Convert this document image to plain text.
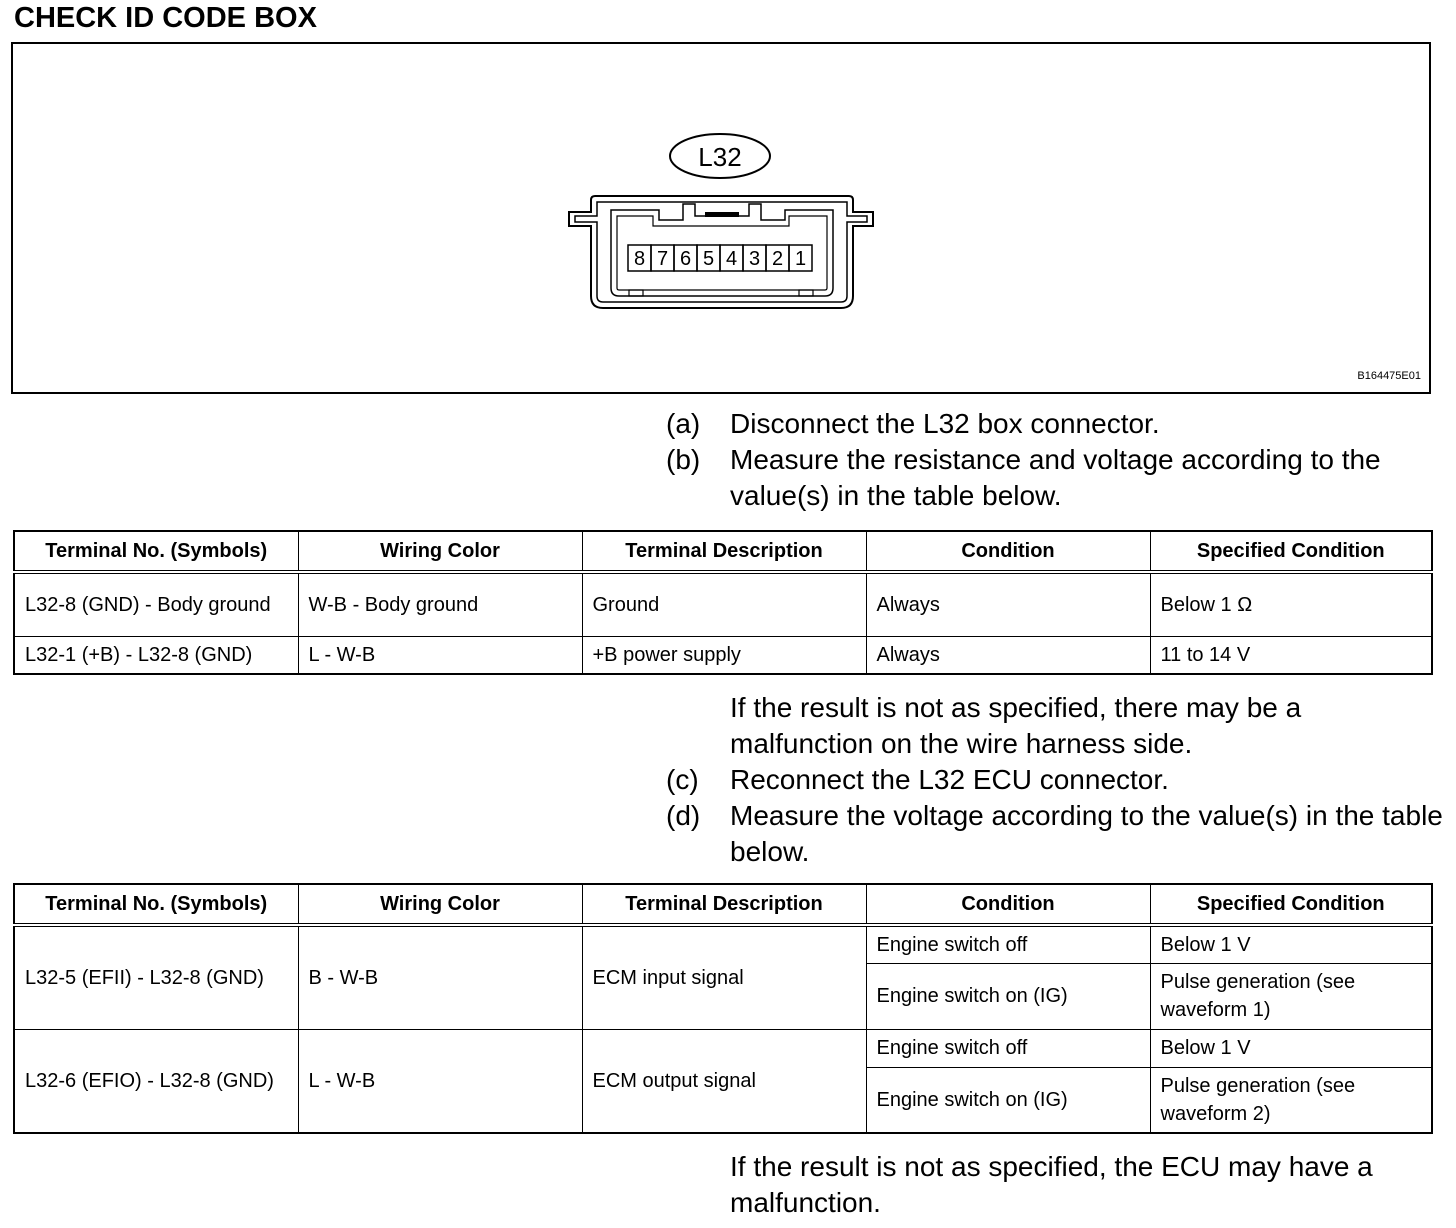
CHECK ID CODE BOX
L32
8 7 6 5 4 3 2 1
B164475E01
(a)	Disconnect the L32 box connector.
(b)	Measure the resistance and voltage according to the value(s) in the table below.
Terminal No. (Symbols)	Wiring Color	Terminal Description	Condition	Specified Condition
L32-8 (GND) - Body ground	W-B - Body ground	Ground	Always	Below 1 Ω
L32-1 (+B) - L32-8 (GND)	L - W-B	+B power supply	Always	11 to 14 V
If the result is not as specified, there may be a malfunction on the wire harness side.
(c)	Reconnect the L32 ECU connector.
(d)	Measure the voltage according to the value(s) in the table below.
Terminal No. (Symbols)	Wiring Color	Terminal Description	Condition	Specified Condition
L32-5 (EFII) - L32-8 (GND)	B - W-B	ECM input signal	Engine switch off	Below 1 V
			Engine switch on (IG)	Pulse generation (see waveform 1)
L32-6 (EFIO) - L32-8 (GND)	L - W-B	ECM output signal	Engine switch off	Below 1 V
			Engine switch on (IG)	Pulse generation (see waveform 2)
If the result is not as specified, the ECU may have a malfunction.
